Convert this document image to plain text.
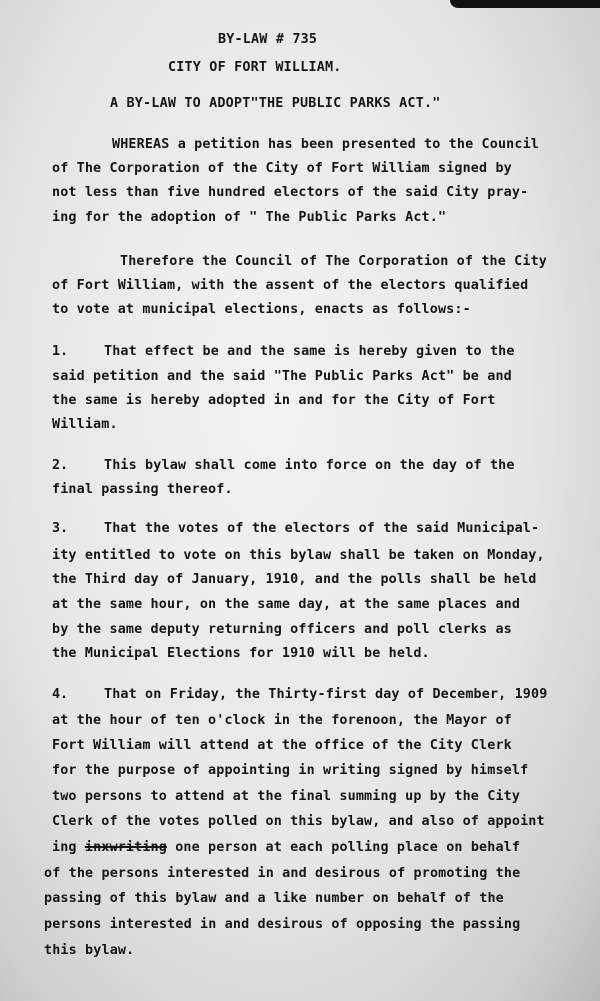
BY-LAW # 735
CITY OF FORT WILLIAM.
A BY-LAW TO ADOPT"THE PUBLIC PARKS ACT."
WHEREAS a petition has been presented to the Council
of The Corporation of the City of Fort William signed by
not less than five hundred electors of the said City pray-
ing for the adoption of " The Public Parks Act."
Therefore the Council of The Corporation of the City
of Fort William, with the assent of the electors qualified
to vote at municipal elections, enacts as follows:-
1.	That effect be and the same is hereby given to the
said petition and the said "The Public Parks Act" be and
the same is hereby adopted in and for the City of Fort
William.
2.	This bylaw shall come into force on the day of the
final passing thereof.
3.	That the votes of the electors of the said Municipal-
ity entitled to vote on this bylaw shall be taken on Monday,
the Third day of January, 1910, and the polls shall be held
at the same hour, on the same day, at the same places and
by the same deputy returning officers and poll clerks as
the Municipal Elections for 1910 will be held.
4.	That on Friday, the Thirty-first day of December, 1909
at the hour of ten o'clock in the forenoon, the Mayor of
Fort William will attend at the office of the City Clerk
for the purpose of appointing in writing signed by himself
two persons to attend at the final summing up by the City
Clerk of the votes polled on this bylaw, and also of appoint
ing inxwriting one person at each polling place on behalf
of the persons interested in and desirous of promoting the
passing of this bylaw and a like number on behalf of the
persons interested in and desirous of opposing the passing
this bylaw.
